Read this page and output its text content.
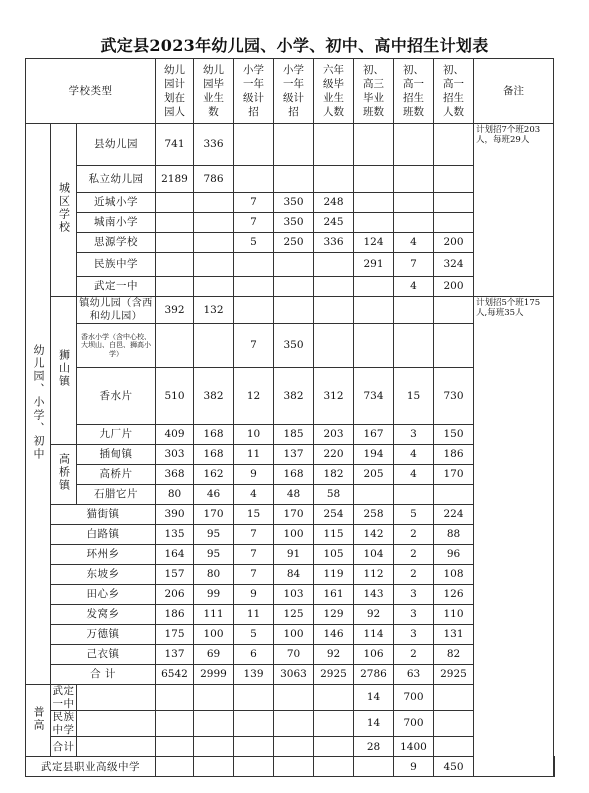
武定县2023年幼儿园、小学、初中、高中招生计划表
学校类型			幼儿园计划在园人	幼儿园毕业生数	小学一年级计招	小学一年级计招	六年级毕业生人数	初、高三毕业班数	初、高一招生班数	初、高一招生人数	备注	
幼儿园、小学、初中	城区学校	县幼儿园	741	336							计划招7个班203人，每班29人	
		私立幼儿园	2189	786								
		近城小学			7	350	248					
		城南小学			7	350	245					
		思源学校			5	250	336	124	4	200		
		民族中学						291	7	324		
		武定一中							4	200		
	狮山镇	镇幼儿园（含西和幼儿园）	392	132							计划招5个班175人,每班35人	
		香水小学（含中心校、大坝山、白邑、狮高小学）			7	350						
		香水片	510	382	12	382	312	734	15	730		
		九厂片	409	168	10	185	203	167	3	150		
	高桥镇	插甸镇	303	168	11	137	220	194	4	186		
		高桥片	368	162	9	168	182	205	4	170		
		石腊它片	80	46	4	48	58					
	猫街镇		390	170	15	170	254	258	5	224		
	白路镇		135	95	7	100	115	142	2	88		
	环州乡		164	95	7	91	105	104	2	96		
	东坡乡		157	80	7	84	119	112	2	108		
	田心乡		206	99	9	103	161	143	3	126		
	发窝乡		186	111	11	125	129	92	3	110		
	万德镇		175	100	5	100	146	114	3	131		
	己衣镇		137	69	6	70	92	106	2	82		
	合 计		6542	2999	139	3063	2925	2786	63	2925		
普高	武定一中							14	700			
	民族中学							14	700			
	合计							28	1400			
武定县职业高级中学									9	450		
